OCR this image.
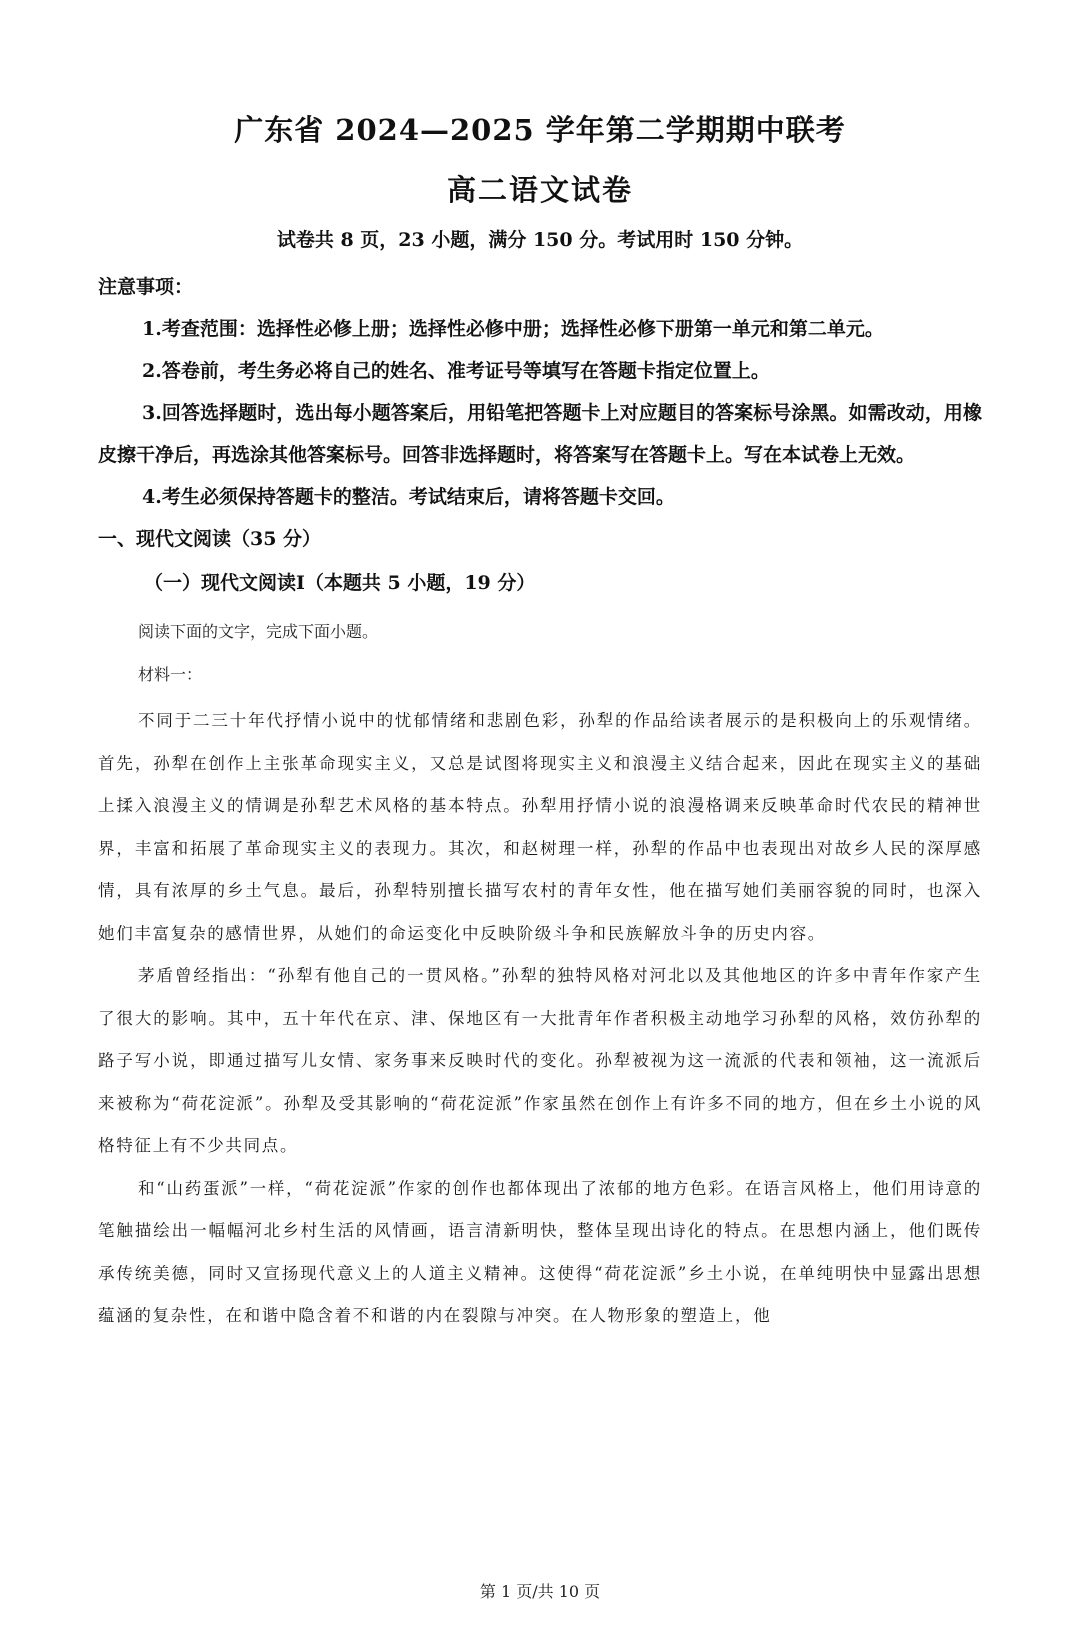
广东省 2024—2025 学年第二学期期中联考
高二语文试卷
试卷共 8 页，23 小题，满分 150 分。考试用时 150 分钟。
注意事项：

1.考查范围：选择性必修上册；选择性必修中册；选择性必修下册第一单元和第二单元。

2.答卷前，考生务必将自己的姓名、准考证号等填写在答题卡指定位置上。

3.回答选择题时，选出每小题答案后，用铅笔把答题卡上对应题目的答案标号涂黑。如需改动，用橡皮擦干净后，再选涂其他答案标号。回答非选择题时，将答案写在答题卡上。写在本试卷上无效。

4.考生必须保持答题卡的整洁。考试结束后，请将答题卡交回。

一、现代文阅读（35 分）
（一）现代文阅读Ⅰ（本题共 5 小题，19 分）

阅读下面的文字，完成下面小题。

材料一：

不同于二三十年代抒情小说中的忧郁情绪和悲剧色彩，孙犁的作品给读者展示的是积极向上的乐观情绪。首先，孙犁在创作上主张革命现实主义，又总是试图将现实主义和浪漫主义结合起来，因此在现实主义的基础上揉入浪漫主义的情调是孙犁艺术风格的基本特点。孙犁用抒情小说的浪漫格调来反映革命时代农民的精神世界，丰富和拓展了革命现实主义的表现力。其次，和赵树理一样，孙犁的作品中也表现出对故乡人民的深厚感情，具有浓厚的乡土气息。最后，孙犁特别擅长描写农村的青年女性，他在描写她们美丽容貌的同时，也深入她们丰富复杂的感情世界，从她们的命运变化中反映阶级斗争和民族解放斗争的历史内容。

茅盾曾经指出：“孙犁有他自己的一贯风格。”孙犁的独特风格对河北以及其他地区的许多中青年作家产生了很大的影响。其中，五十年代在京、津、保地区有一大批青年作者积极主动地学习孙犁的风格，效仿孙犁的路子写小说，即通过描写儿女情、家务事来反映时代的变化。孙犁被视为这一流派的代表和领袖，这一流派后来被称为“荷花淀派”。孙犁及受其影响的“荷花淀派”作家虽然在创作上有许多不同的地方，但在乡土小说的风格特征上有不少共同点。

和“山药蛋派”一样，“荷花淀派”作家的创作也都体现出了浓郁的地方色彩。在语言风格上，他们用诗意的笔触描绘出一幅幅河北乡村生活的风情画，语言清新明快，整体呈现出诗化的特点。在思想内涵上，他们既传承传统美德，同时又宣扬现代意义上的人道主义精神。这使得“荷花淀派”乡土小说，在单纯明快中显露出思想蕴涵的复杂性，在和谐中隐含着不和谐的内在裂隙与冲突。在人物形象的塑造上，他

第 1 页/共 10 页
